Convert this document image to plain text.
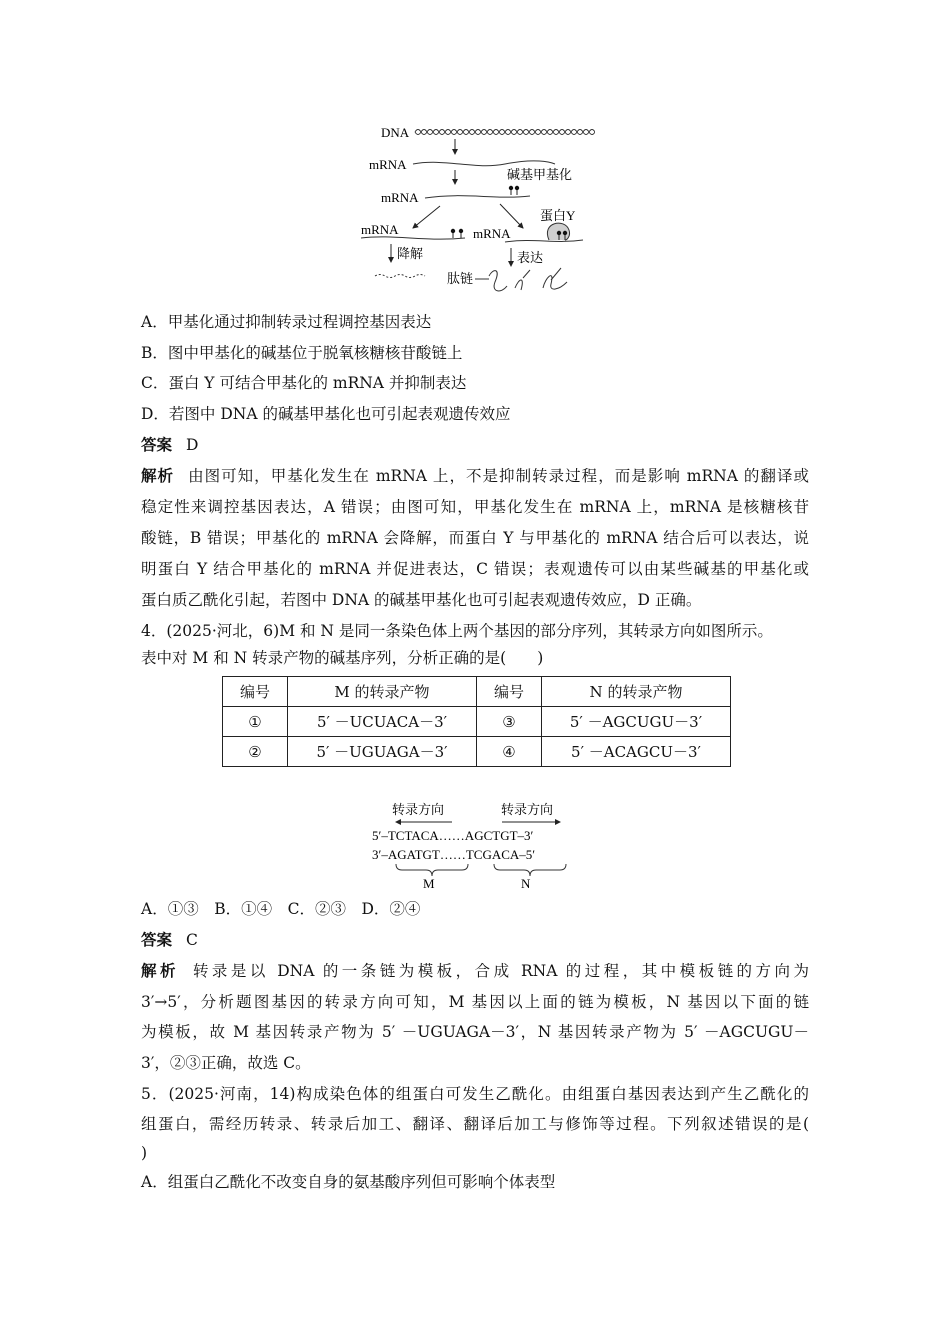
DNA
mRNA
碱基甲基化
mRNA
蛋白Y
mRNA
降解
mRNA
表达
肽链
A．甲基化通过抑制转录过程调控基因表达
B．图中甲基化的碱基位于脱氧核糖核苷酸链上
C．蛋白 Y 可结合甲基化的 mRNA 并抑制表达
D．若图中 DNA 的碱基甲基化也可引起表观遗传效应
答案 D
解析 由图可知，甲基化发生在 mRNA 上，不是抑制转录过程，而是影响 mRNA 的翻译或
稳定性来调控基因表达，A 错误；由图可知，甲基化发生在 mRNA 上，mRNA 是核糖核苷
酸链，B 错误；甲基化的 mRNA 会降解，而蛋白 Y 与甲基化的 mRNA 结合后可以表达，说
明蛋白 Y 结合甲基化的 mRNA 并促进表达，C 错误；表观遗传可以由某些碱基的甲基化或
蛋白质乙酰化引起，若图中 DNA 的碱基甲基化也可引起表观遗传效应，D 正确。
4．(2025·河北，6)M 和 N 是同一条染色体上两个基因的部分序列，其转录方向如图所示。
表中对 M 和 N 转录产物的碱基序列，分析正确的是(　　)
编号	M 的转录产物	编号	N 的转录产物
①	5′ －UCUACA－3′	③	5′ －AGCUGU－3′
②	5′ －UGUAGA－3′	④	5′ －ACAGCU－3′
转录方向	转录方向
5′–TCTACA……AGCTGT–3′
3′–AGATGT……TCGACA–5′
M	N
A．①③　B．①④　C．②③　D．②④
答案 C
解析 转录是以 DNA 的一条链为模板，合成 RNA 的过程，其中模板链的方向为
3′→5′，分析题图基因的转录方向可知，M 基因以上面的链为模板，N 基因以下面的链
为模板，故 M 基因转录产物为 5′ －UGUAGA－3′，N 基因转录产物为 5′ －AGCUGU－
3′，②③正确，故选 C。
5．(2025·河南，14)构成染色体的组蛋白可发生乙酰化。由组蛋白基因表达到产生乙酰化的
组蛋白，需经历转录、转录后加工、翻译、翻译后加工与修饰等过程。下列叙述错误的是(
)
A．组蛋白乙酰化不改变自身的氨基酸序列但可影响个体表型
